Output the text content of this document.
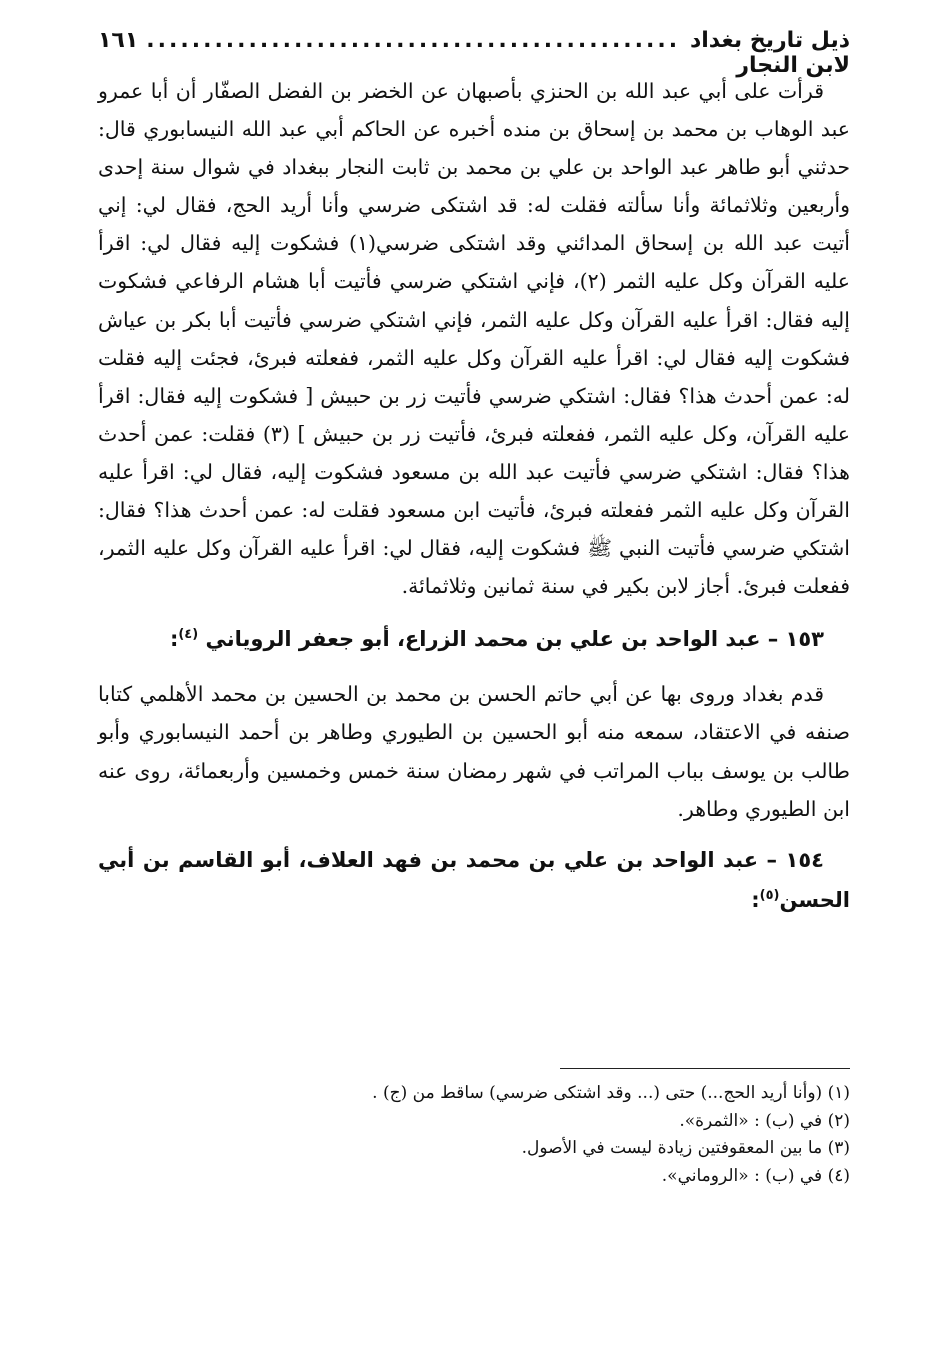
ذيل تاريخ بغداد لابن النجار
...............................................
١٦١

قرأت على أبي عبد الله بن الحنزي بأصبهان عن الخضر بن الفضل الصفّار أن أبا عمرو عبد الوهاب بن محمد بن إسحاق بن منده أخبره عن الحاكم أبي عبد الله النيسابوري قال: حدثني أبو طاهر عبد الواحد بن علي بن محمد بن ثابت النجار ببغداد في شوال سنة إحدى وأربعين وثلاثمائة وأنا سألته فقلت له: قد اشتكى ضرسي وأنا أريد الحج، فقال لي: إني أتيت عبد الله بن إسحاق المدائني وقد اشتكى ضرسي(١) فشكوت إليه فقال لي: اقرأ عليه القرآن وكل عليه الثمر (٢)، فإني اشتكي ضرسي فأتيت أبا هشام الرفاعي فشكوت إليه فقال: اقرأ عليه القرآن وكل عليه الثمر، فإني اشتكي ضرسي فأتيت أبا بكر بن عياش فشكوت إليه فقال لي: اقرأ عليه القرآن وكل عليه الثمر، ففعلته فبرئ، فجئت إليه فقلت له: عمن أحدث هذا؟ فقال: اشتكي ضرسي فأتيت زر بن حبيش [ فشكوت إليه فقال: اقرأ عليه القرآن، وكل عليه الثمر، ففعلته فبرئ، فأتيت زر بن حبيش ] (٣) فقلت: عمن أحدث هذا؟ فقال: اشتكي ضرسي فأتيت عبد الله بن مسعود فشكوت إليه، فقال لي: اقرأ عليه القرآن وكل عليه الثمر ففعلته فبرئ، فأتيت ابن مسعود فقلت له: عمن أحدث هذا؟ فقال: اشتكي ضرسي فأتيت النبي ﷺ فشكوت إليه، فقال لي: اقرأ عليه القرآن وكل عليه الثمر، ففعلت فبرئ. أجاز لابن بكير في سنة ثمانين وثلاثمائة.

١٥٣ – عبد الواحد بن علي بن محمد الزراع، أبو جعفر الروياني $^{(٤)}$:

قدم بغداد وروى بها عن أبي حاتم الحسن بن محمد بن الحسين بن محمد الأهلمي كتابا صنفه في الاعتقاد، سمعه منه أبو الحسين بن الطيوري وطاهر بن أحمد النيسابوري وأبو طالب بن يوسف بباب المراتب في شهر رمضان سنة خمس وخمسين وأربعمائة، روى عنه ابن الطيوري وطاهر.

١٥٤ – عبد الواحد بن علي بن محمد بن فهد العلاف، أبو القاسم بن أبي الحسن$^{(٥)}$:
(١) (وأنا أريد الحج...) حتى (... وقد اشتكى ضرسي) ساقط من (ج) .
(٢) في (ب) : «الثمرة».
(٣) ما بين المعقوفتين زيادة ليست في الأصول.
(٤) في (ب) : «الروماني».
